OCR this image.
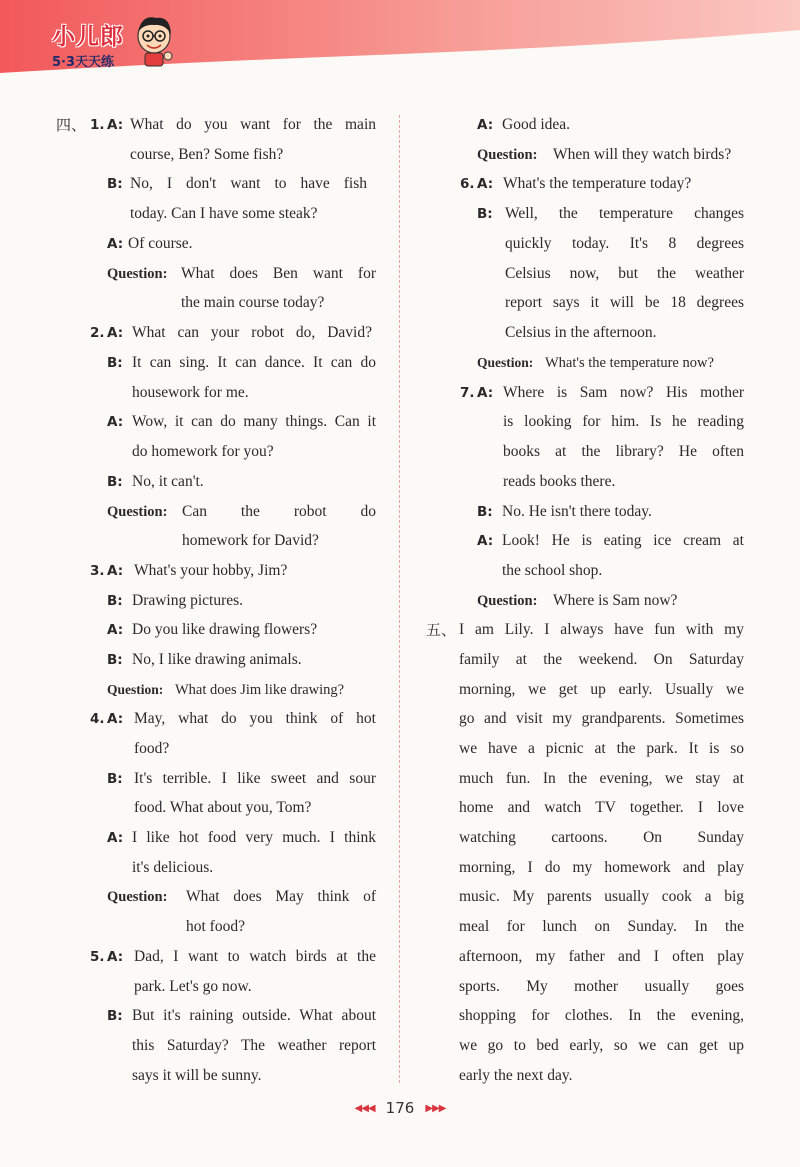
小儿郎
5·3天天练
四、 1. A: What do you want for the main
course, Ben? Some fish?
B: No, I don't want to have fish
today. Can I have some steak?
A: Of course.
Question: What does Ben want for
the main course today?
2. A: What can your robot do, David?
B: It can sing. It can dance. It can do
housework for me.
A: Wow, it can do many things. Can it
do homework for you?
B: No, it can't.
Question: Can the robot do
homework for David?
3. A: What's your hobby, Jim?
B: Drawing pictures.
A: Do you like drawing flowers?
B: No, I like drawing animals.
Question: What does Jim like drawing?
4. A: May, what do you think of hot
food?
B: It's terrible. I like sweet and sour
food. What about you, Tom?
A: I like hot food very much. I think
it's delicious.
Question: What does May think of
hot food?
5. A: Dad, I want to watch birds at the
park. Let's go now.
B: But it's raining outside. What about
this Saturday? The weather report
says it will be sunny.
A: Good idea.
Question: When will they watch birds?
6. A: What's the temperature today?
B: Well, the temperature changes
quickly today. It's 8 degrees
Celsius now, but the weather
report says it will be 18 degrees
Celsius in the afternoon.
Question: What's the temperature now?
7. A: Where is Sam now? His mother
is looking for him. Is he reading
books at the library? He often
reads books there.
B: No. He isn't there today.
A: Look! He is eating ice cream at
the school shop.
Question: Where is Sam now?
五、 I am Lily. I always have fun with my
family at the weekend. On Saturday
morning, we get up early. Usually we
go and visit my grandparents. Sometimes
we have a picnic at the park. It is so
much fun. In the evening, we stay at
home and watch TV together. I love
watching cartoons. On Sunday
morning, I do my homework and play
music. My parents usually cook a big
meal for lunch on Sunday. In the
afternoon, my father and I often play
sports. My mother usually goes
shopping for clothes. In the evening,
we go to bed early, so we can get up
early the next day.
◀◀◀ 176 ▶▶▶
